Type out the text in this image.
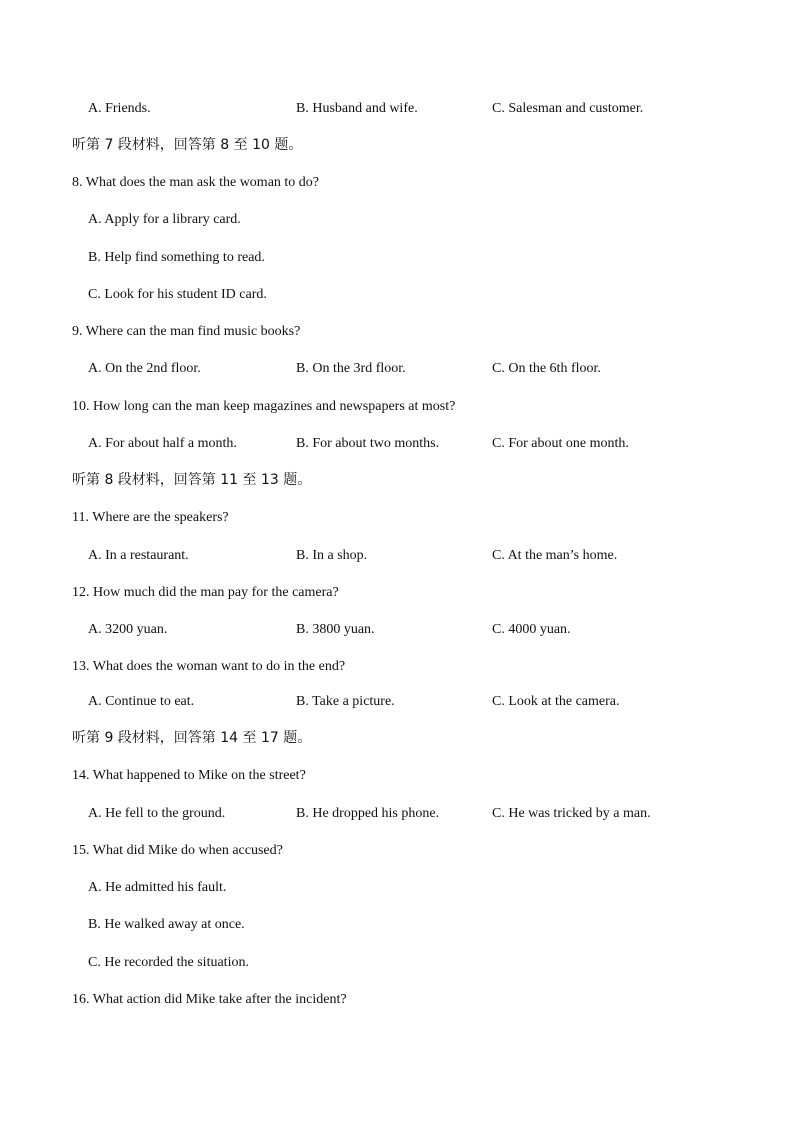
A. Friends.	B. Husband and wife.	C. Salesman and customer.
听第 7 段材料，回答第 8 至 10 题。
8. What does the man ask the woman to do?
A. Apply for a library card.
B. Help find something to read.
C. Look for his student ID card.
9. Where can the man find music books?
A. On the 2nd floor.	B. On the 3rd floor.	C. On the 6th floor.
10. How long can the man keep magazines and newspapers at most?
A. For about half a month.	B. For about two months.	C. For about one month.
听第 8 段材料，回答第 11 至 13 题。
11. Where are the speakers?
A. In a restaurant.	B. In a shop.	C. At the man’s home.
12. How much did the man pay for the camera?
A. 3200 yuan.	B. 3800 yuan.	C. 4000 yuan.
13. What does the woman want to do in the end?
A. Continue to eat.	B. Take a picture.	C. Look at the camera.
听第 9 段材料，回答第 14 至 17 题。
14. What happened to Mike on the street?
A. He fell to the ground.	B. He dropped his phone.	C. He was tricked by a man.
15. What did Mike do when accused?
A. He admitted his fault.
B. He walked away at once.
C. He recorded the situation.
16. What action did Mike take after the incident?
